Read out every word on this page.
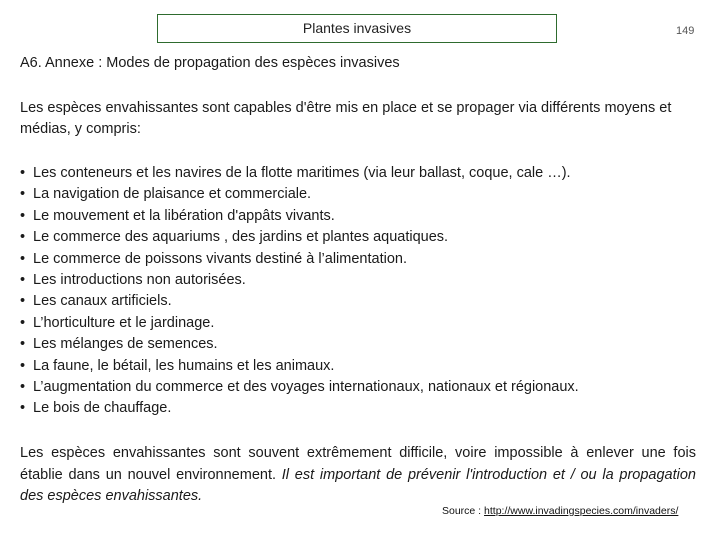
Plantes invasives	149
A6. Annexe : Modes de propagation des espèces invasives
Les espèces envahissantes sont capables d'être mis en place et se propager via différents moyens et médias, y compris:
• Les conteneurs et les navires de la flotte maritimes (via leur ballast, coque, cale …).
• La navigation de plaisance et commerciale.
• Le mouvement et la libération d'appâts vivants.
• Le commerce des aquariums , des jardins et plantes aquatiques.
• Le commerce de poissons vivants destiné à l’alimentation.
• Les introductions non autorisées.
• Les canaux artificiels.
• L’horticulture et le jardinage.
• Les mélanges de semences.
• La faune, le bétail, les humains et les animaux.
• L’augmentation du commerce et des voyages internationaux, nationaux et régionaux.
• Le bois de chauffage.
Les espèces envahissantes sont souvent extrêmement difficile, voire impossible à enlever une fois établie dans un nouvel environnement. Il est important de prévenir l'introduction et / ou la propagation des espèces envahissantes.
Source : http://www.invadingspecies.com/invaders/
